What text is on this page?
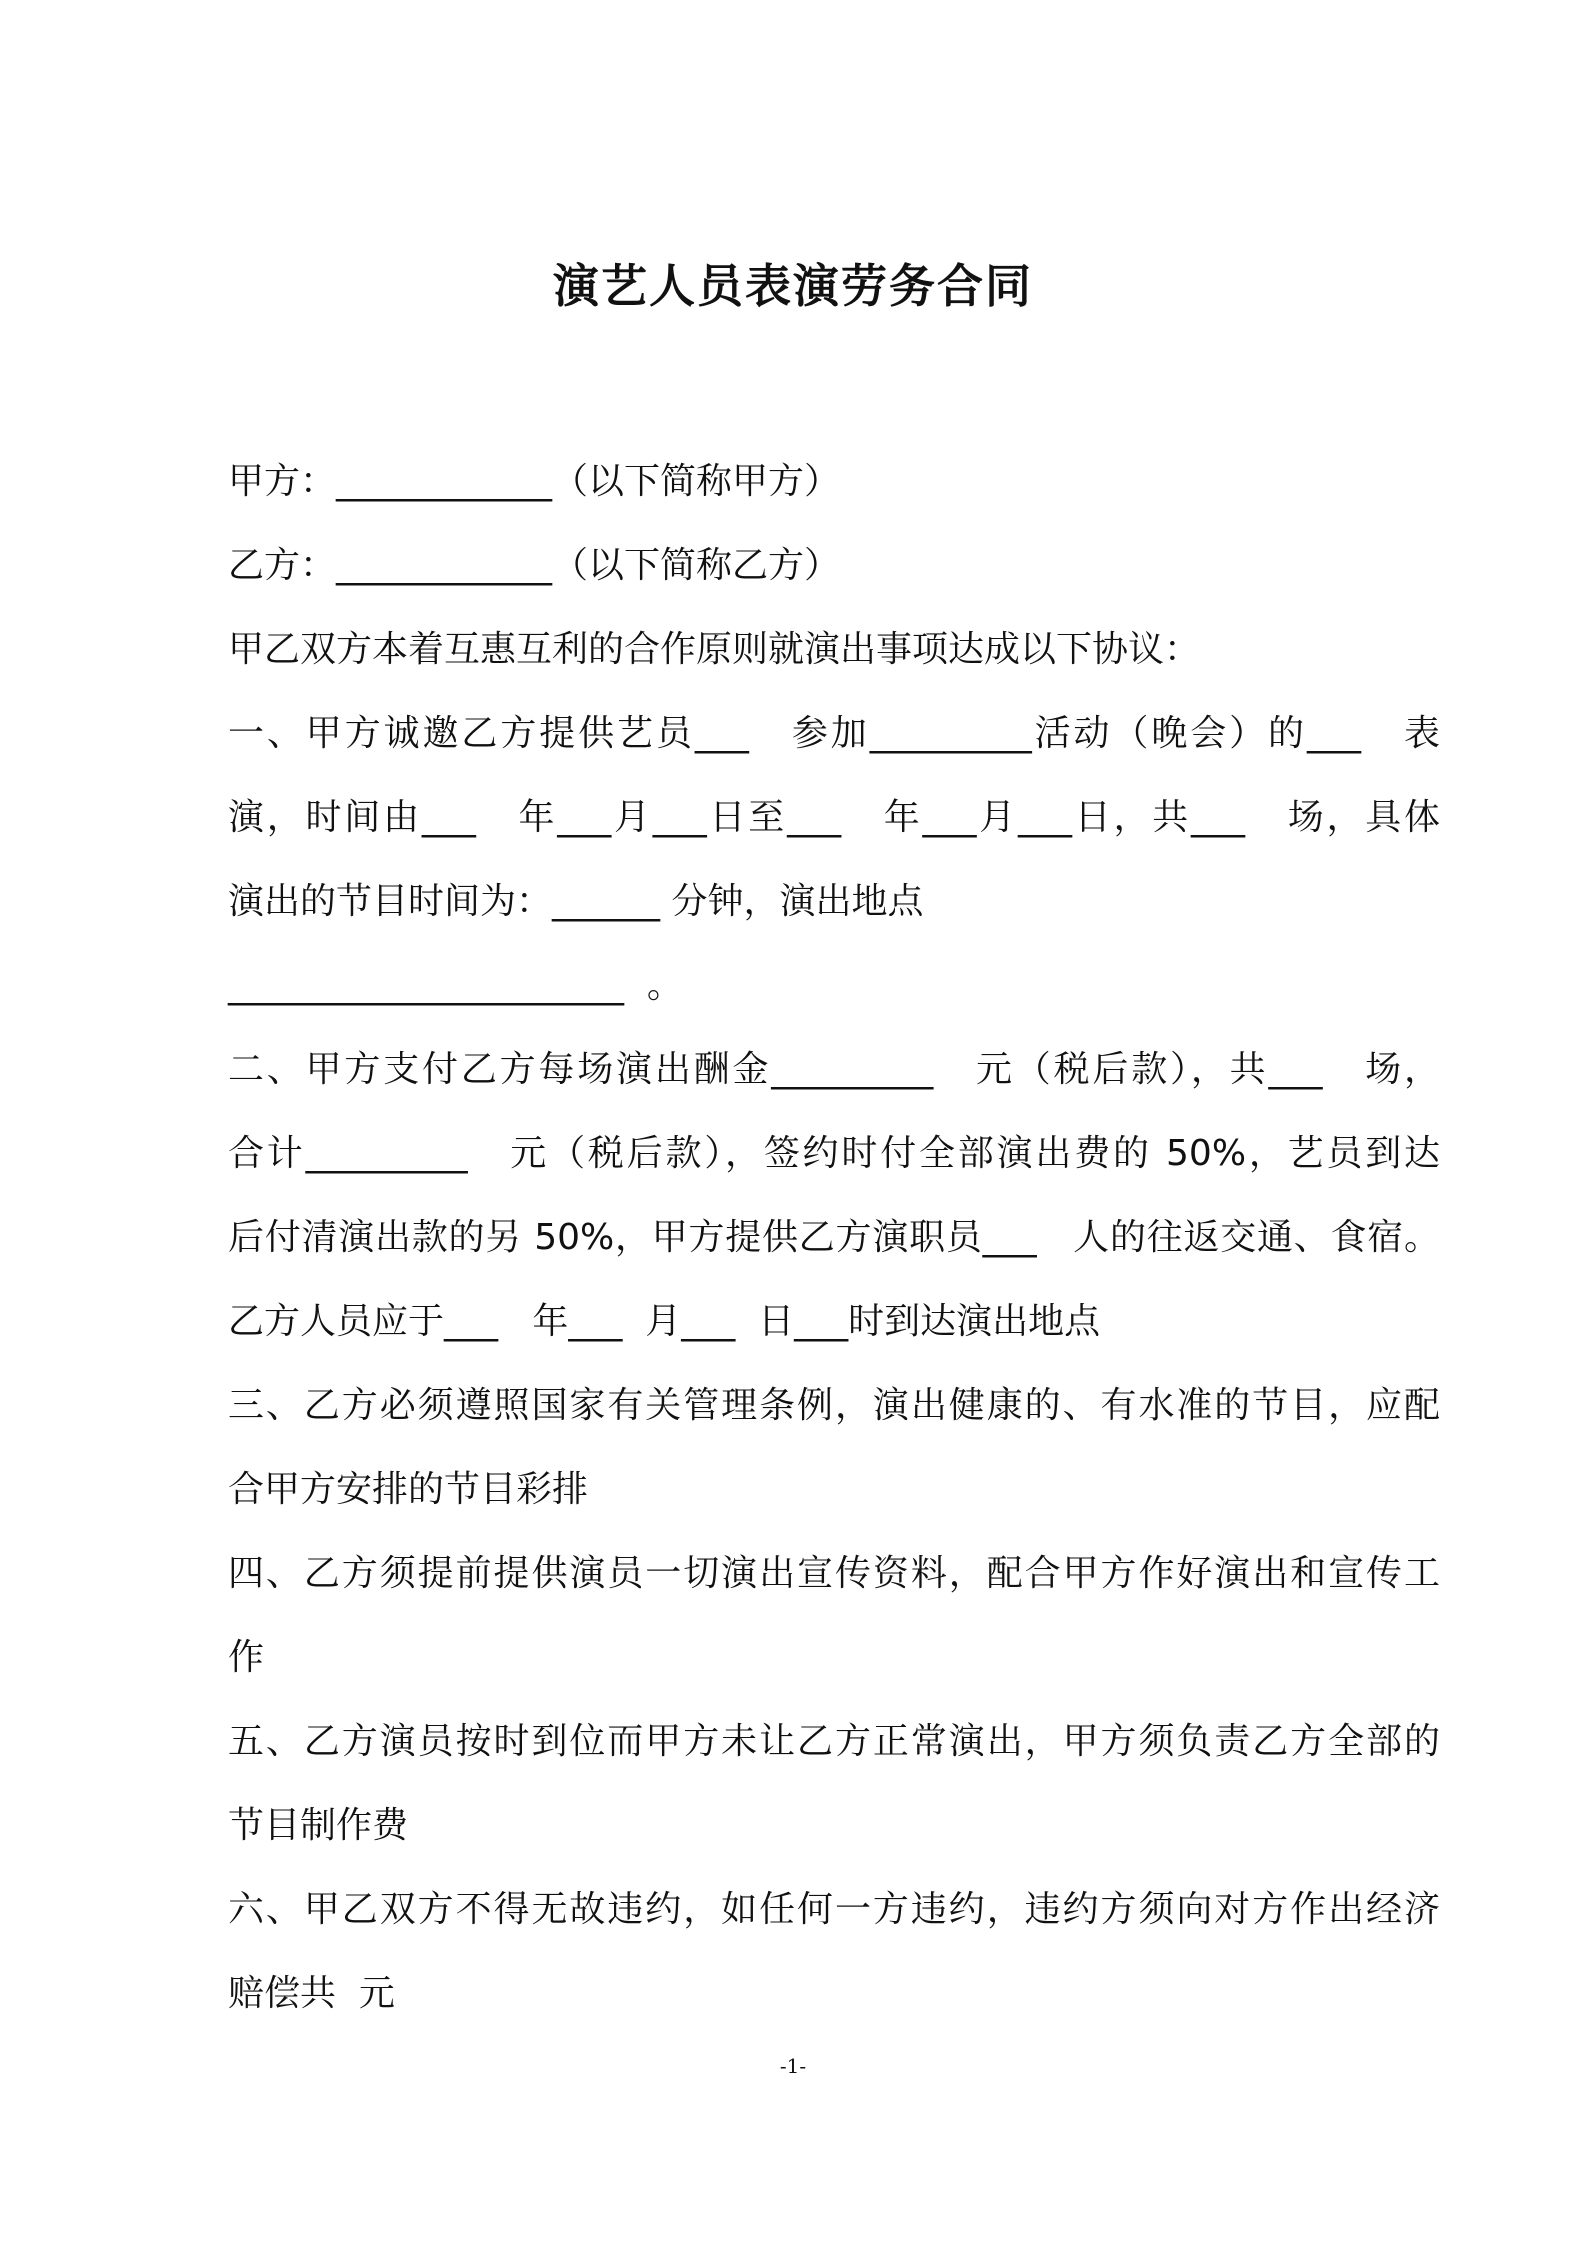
演艺人员表演劳务合同
甲方：____________（以下简称甲方）
乙方：____________（以下简称乙方）
甲乙双方本着互惠互利的合作原则就演出事项达成以下协议：
一、甲方诚邀乙方提供艺员___   参加_________活动（晚会）的___   表
演，时间由___   年___月___日至___   年___月___日，共___   场，具体
演出的节目时间为：______ 分钟，演出地点
______________________  。
二、甲方支付乙方每场演出酬金_________   元（税后款），共___   场，
合计_________   元（税后款），签约时付全部演出费的 50%，艺员到达
后付清演出款的另 50%，甲方提供乙方演职员___   人的往返交通、食宿。
乙方人员应于___   年___  月___  日___时到达演出地点
三、乙方必须遵照国家有关管理条例，演出健康的、有水准的节目，应配
合甲方安排的节目彩排
四、乙方须提前提供演员一切演出宣传资料，配合甲方作好演出和宣传工
作
五、乙方演员按时到位而甲方未让乙方正常演出，甲方须负责乙方全部的
节目制作费
六、甲乙双方不得无故违约，如任何一方违约，违约方须向对方作出经济
赔偿共  元
-1-
